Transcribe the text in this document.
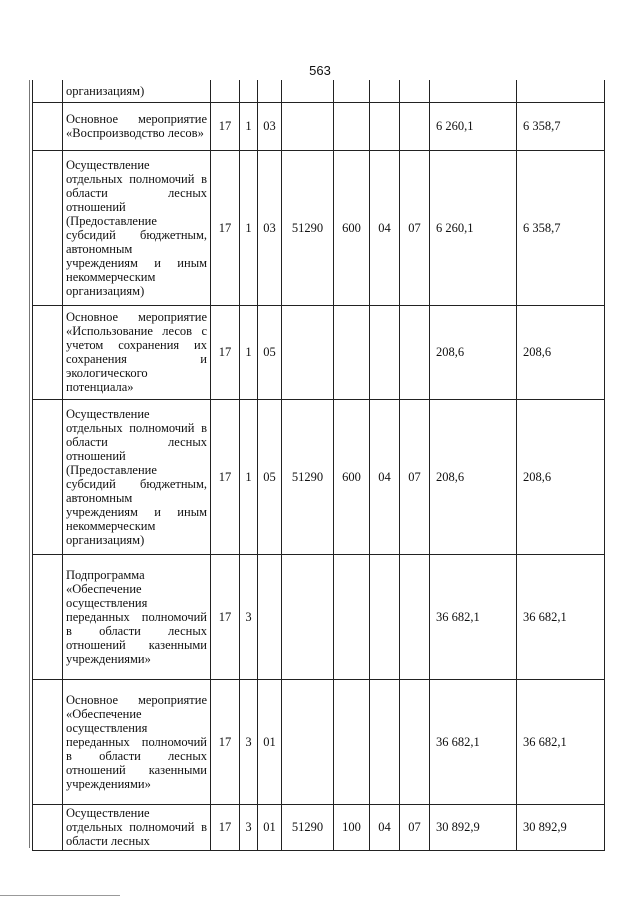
563
	организациям)									
	Основное мероприятие «Воспроизводство лесов»	17	1	03					6 260,1	6 358,7
	Осуществление отдельных полномочий в области лесных отношений (Предоставление субсидий бюджетным, автономным учреждениям и иным некоммерческим организациям)	17	1	03	51290	600	04	07	6 260,1	6 358,7
	Основное мероприятие «Использование лесов с учетом сохранения их сохранения и экологического потенциала»	17	1	05					208,6	208,6
	Осуществление отдельных полномочий в области лесных отношений (Предоставление субсидий бюджетным, автономным учреждениям и иным некоммерческим организациям)	17	1	05	51290	600	04	07	208,6	208,6
	Подпрограмма «Обеспечение осуществления переданных полномочий в области лесных отношений казенными учреждениями»	17	3						36 682,1	36 682,1
	Основное мероприятие «Обеспечение осуществления переданных полномочий в области лесных отношений казенными учреждениями»	17	3	01					36 682,1	36 682,1
	Осуществление отдельных полномочий в области лесных	17	3	01	51290	100	04	07	30 892,9	30 892,9
